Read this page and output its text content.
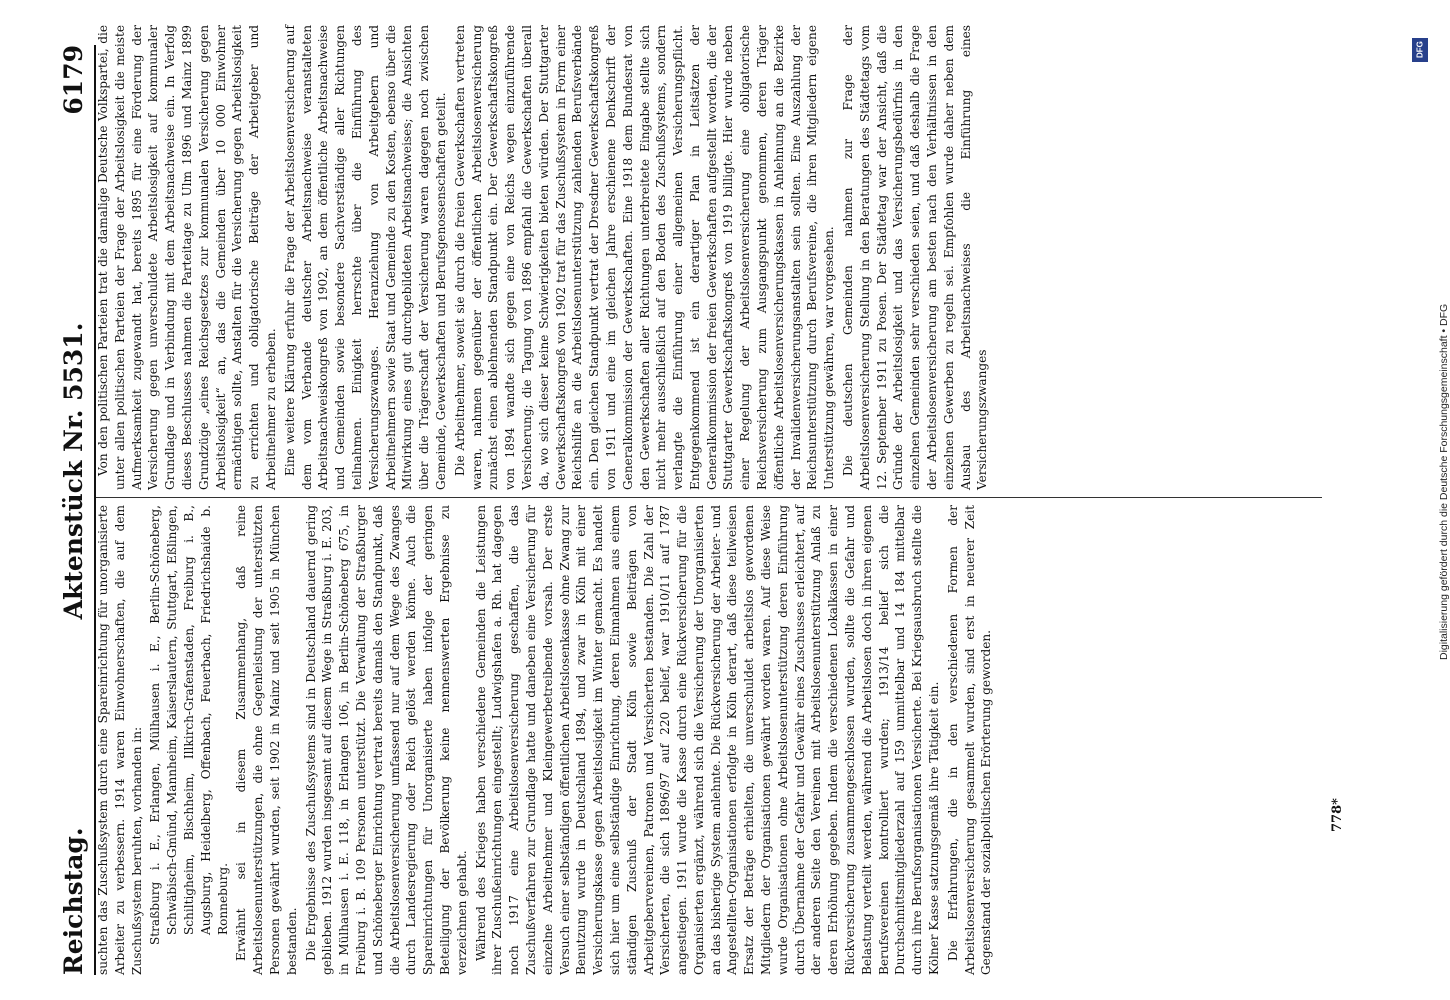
Reichstag.
Aktenstück Nr. 5531.
6179

suchten das Zuschußsystem durch eine Spareinrichtung für unorganisierte Arbeiter zu verbessern. 1914 waren Einwohnerschaften, die auf dem Zuschußsystem beruhten, vorhanden in: Straßburg i. E., Erlangen, Mülhausen i. E., Berlin-Schöneberg, Schwäbisch-Gmünd, Mannheim, Kaiserslautern, Stuttgart, Eßlingen, Schiltigheim, Bischheim, Illkirch-Grafenstaden, Freiburg i. B., Augsburg, Heidelberg, Offenbach, Feuerbach, Friedrichshaide b. Ronneburg. Erwähnt sei in diesem Zusammenhang, daß reine Arbeitslosenunterstützungen, die ohne Gegenleistung der unterstützten Personen gewährt wurden, seit 1902 in Mainz und seit 1905 in München bestanden. Die Ergebnisse des Zuschußsystems sind in Deutschland dauernd gering geblieben. 1912 wurden insgesamt auf diesem Wege in Straßburg i. E. 203, in Mülhausen i. E. 118, in Erlangen 106, in Berlin-Schöneberg 675, in Freiburg i. B. 109 Personen unterstützt. Die Verwaltung der Straßburger und Schöneberger Einrichtung vertrat bereits damals den Standpunkt, daß die Arbeitslosenversicherung umfassend nur auf dem Wege des Zwanges durch Landesregierung oder Reich gelöst werden könne. Auch die Spareinrichtungen für Unorganisierte haben infolge der geringen Beteiligung der Bevölkerung keine nennenswerten Ergebnisse zu verzeichnen gehabt. Während des Krieges haben verschiedene Gemeinden die Leistungen ihrer Zuschußeinrichtungen eingestellt; Ludwigshafen a. Rh. hat dagegen noch 1917 eine Arbeitslosenversicherung geschaffen, die das Zuschußverfahren zur Grundlage hatte und daneben eine Versicherung für einzelne Arbeitnehmer und Kleingewerbetreibende vorsah. Der erste Versuch einer selbständigen öffentlichen Arbeitslosenkasse ohne Zwang zur Benutzung wurde in Deutschland 1894, und zwar in Köln mit einer Versicherungskasse gegen Arbeitslosigkeit im Winter gemacht. Es handelt sich hier um eine selbständige Einrichtung, deren Einnahmen aus einem ständigen Zuschuß der Stadt Köln sowie Beiträgen von Arbeitgebervereinen, Patronen und Versicherten bestanden. Die Zahl der Versicherten, die sich 1896/97 auf 220 belief, war 1910/11 auf 1787 angestiegen. 1911 wurde die Kasse durch eine Rückversicherung für die Organisierten ergänzt, während sich die Versicherung der Unorganisierten an das bisherige System anlehnte. Die Rückversicherung der Arbeiter- und Angestellten-Organisationen erfolgte in Köln derart, daß diese teilweisen Ersatz der Beträge erhielten, die unverschuldet arbeitslos gewordenen Mitgliedern der Organisationen gewährt worden waren. Auf diese Weise wurde Organisationen ohne Arbeitslosenunterstützung deren Einführung durch Übernahme der Gefahr und Gewähr eines Zuschusses erleichtert, auf der anderen Seite den Vereinen mit Arbeitslosenunterstützung Anlaß zu deren Erhöhung gegeben. Indem die verschiedenen Lokalkassen in einer Rückversicherung zusammengeschlossen wurden, sollte die Gefahr und Belastung verteilt werden, während die Arbeitslosen doch in ihren eigenen Berufsvereinen kontrolliert wurden; 1913/14 belief sich die Durchschnittsmitgliederzahl auf 159 unmittelbar und 14 184 mittelbar durch ihre Berufsorganisationen Versicherte. Bei Kriegsausbruch stellte die Kölner Kasse satzungsgemäß ihre Tätigkeit ein. Die Erfahrungen, die in den verschiedenen Formen der Arbeitslosenversicherung gesammelt wurden, sind erst in neuerer Zeit Gegenstand der sozialpolitischen Erörterung geworden.

Von den politischen Parteien trat die damalige Deutsche Volkspartei, die unter allen politischen Parteien der Frage der Arbeitslosigkeit die meiste Aufmerksamkeit zugewandt hat, bereits 1895 für eine Förderung der Versicherung gegen unverschuldete Arbeitslosigkeit auf kommunaler Grundlage und in Verbindung mit dem Arbeitsnachweise ein. In Verfolg dieses Beschlusses nahmen die Parteitage zu Ulm 1896 und Mainz 1899 Grundzüge „eines Reichsgesetzes zur kommunalen Versicherung gegen Arbeitslosigkeit“ an, das die Gemeinden über 10 000 Einwohner ermächtigen sollte, Anstalten für die Versicherung gegen Arbeitslosigkeit zu errichten und obligatorische Beiträge der Arbeitgeber und Arbeitnehmer zu erheben. Eine weitere Klärung erfuhr die Frage der Arbeitslosenversicherung auf dem vom Verbande deutscher Arbeitsnachweise veranstalteten Arbeitsnachweiskongreß von 1902, an dem öffentliche Arbeitsnachweise und Gemeinden sowie besondere Sachverständige aller Richtungen teilnahmen. Einigkeit herrschte über die Einführung des Versicherungszwanges. Heranziehung von Arbeitgebern und Arbeitnehmern sowie Staat und Gemeinde zu den Kosten, ebenso über die Mitwirkung eines gut durchgebildeten Arbeitsnachweises; die Ansichten über die Trägerschaft der Versicherung waren dagegen noch zwischen Gemeinde, Gewerkschaften und Berufsgenossenschaften geteilt. Die Arbeitnehmer, soweit sie durch die freien Gewerkschaften vertreten waren, nahmen gegenüber der öffentlichen Arbeitslosenversicherung zunächst einen ablehnenden Standpunkt ein. Der Gewerkschaftskongreß von 1894 wandte sich gegen eine von Reichs wegen einzuführende Versicherung; die Tagung von 1896 empfahl die Gewerkschaften überall da, wo sich dieser keine Schwierigkeiten bieten würden. Der Stuttgarter Gewerkschaftskongreß von 1902 trat für das Zuschußsystem in Form einer Reichshilfe an die Arbeitslosenunterstützung zahlenden Berufsverbände ein. Den gleichen Standpunkt vertrat der Dresdner Gewerkschaftskongreß von 1911 und eine im gleichen Jahre erschienene Denkschrift der Generalkommission der Gewerkschaften. Eine 1918 dem Bundesrat von den Gewerkschaften aller Richtungen unterbreitete Eingabe stellte sich nicht mehr ausschließlich auf den Boden des Zuschußsystems, sondern verlangte die Einführung einer allgemeinen Versicherungspflicht. Entgegenkommend ist ein derartiger Plan in Leitsätzen der Generalkommission der freien Gewerkschaften aufgestellt worden, die der Stuttgarter Gewerkschaftskongreß von 1919 billigte. Hier wurde neben einer Regelung der Arbeitslosenversicherung eine obligatorische Reichsversicherung zum Ausgangspunkt genommen, deren Träger öffentliche Arbeitslosenversicherungskassen in Anlehnung an die Bezirke der Invalidenversicherungsanstalten sein sollten. Eine Auszahlung der Reichsunterstützung durch Berufsvereine, die ihren Mitgliedern eigene Unterstützung gewähren, war vorgesehen. Die deutschen Gemeinden nahmen zur Frage der Arbeitslosenversicherung Stellung in den Beratungen des Städtetags vom 12. September 1911 zu Posen. Der Städtetag war der Ansicht, daß die Gründe der Arbeitslosigkeit und das Versicherungsbedürfnis in den einzelnen Gemeinden sehr verschieden seien, und daß deshalb die Frage der Arbeitslosenversicherung am besten nach den Verhältnissen in den einzelnen Gewerben zu regeln sei. Empfohlen wurde daher neben dem Ausbau des Arbeitsnachweises die Einführung eines Versicherungszwanges

778*
Digitalisierung gefördert durch die Deutsche Forschungsgemeinschaft • DFG
DFG
